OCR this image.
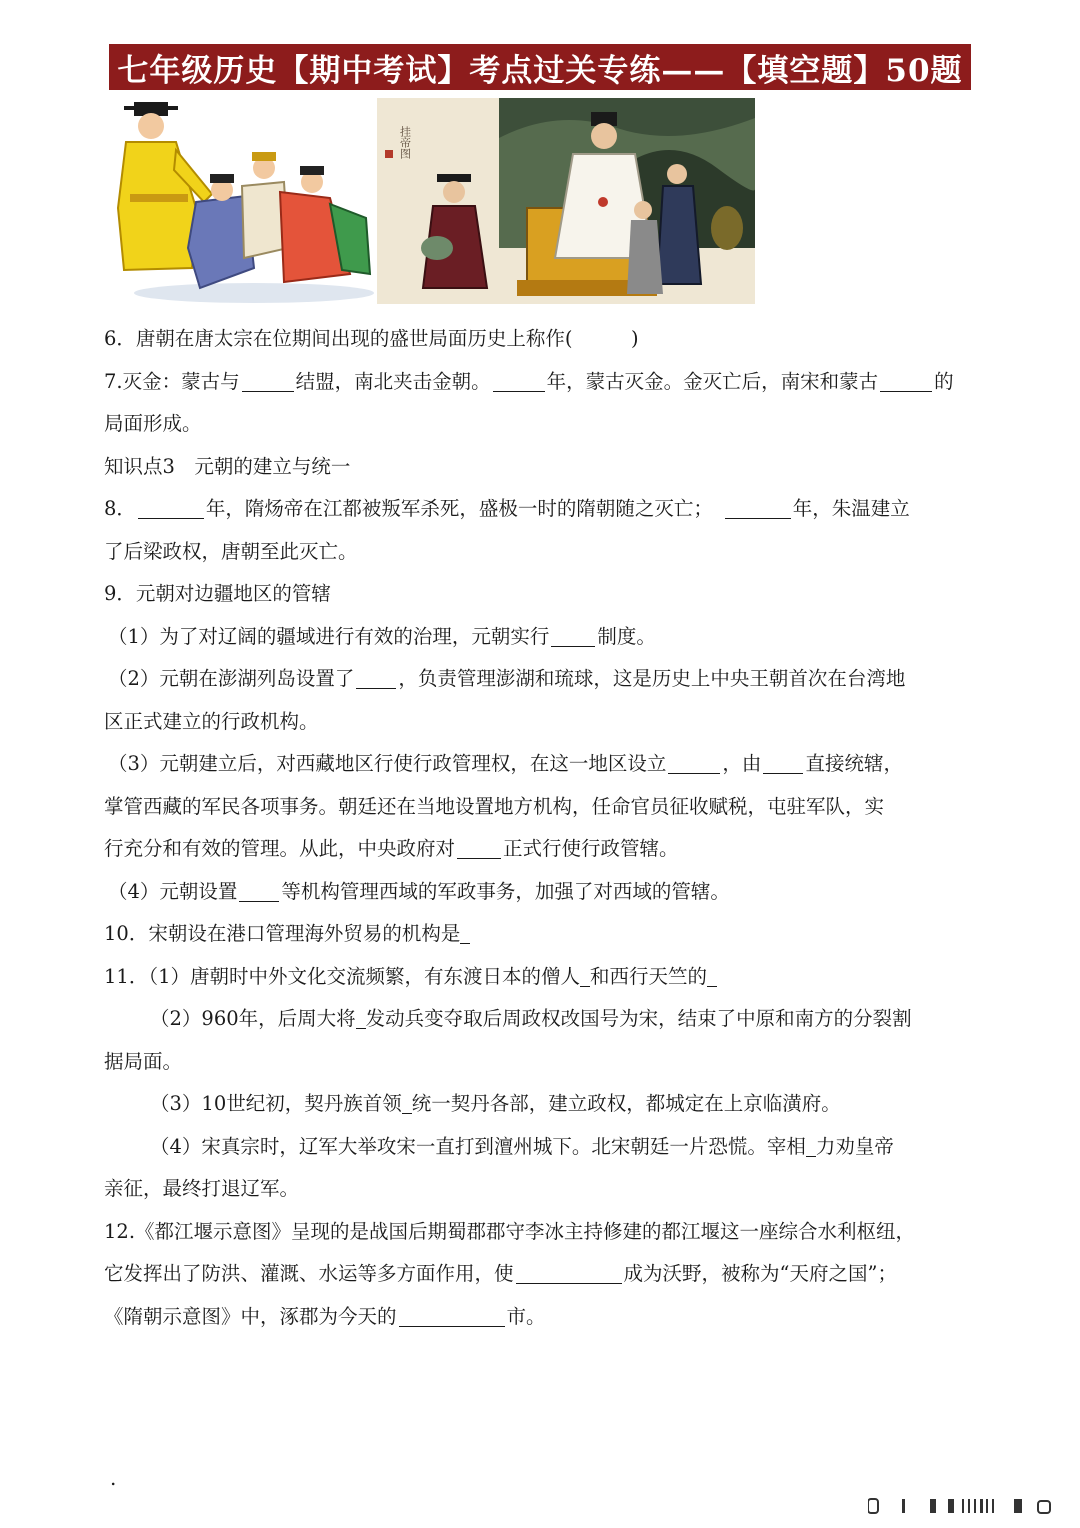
七年级历史【期中考试】考点过关专练——【填空题】50题
挂帝图
6．唐朝在唐太宗在位期间出现的盛世局面历史上称作(　　　)
7.灭金：蒙古与	结盟，南北夹击金朝。	年，蒙古灭金。金灭亡后，南宋和蒙古	的
局面形成。
知识点3　元朝的建立与统一
8．	年，隋炀帝在江都被叛军杀死，盛极一时的隋朝随之灭亡；　	年，朱温建立
了后梁政权，唐朝至此灭亡。
9．元朝对边疆地区的管辖
（1）为了对辽阔的疆域进行有效的治理，元朝实行 制度。
（2）元朝在澎湖列岛设置了 ，负责管理澎湖和琉球，这是历史上中央王朝首次在台湾地
区正式建立的行政机构。
（3）元朝建立后，对西藏地区行使行政管理权，在这一地区设立	，由 直接统辖，
掌管西藏的军民各项事务。朝廷还在当地设置地方机构，任命官员征收赋税，屯驻军队，实
行充分和有效的管理。从此，中央政府对 正式行使行政管辖。
（4）元朝设置 等机构管理西域的军政事务，加强了对西域的管辖。
10．宋朝设在港口管理海外贸易的机构是
11．（1）唐朝时中外文化交流频繁，有东渡日本的僧人 和西行天竺的
（2）960年，后周大将 发动兵变夺取后周政权改国号为宋，结束了中原和南方的分裂割
据局面。
（3）10世纪初，契丹族首领 统一契丹各部，建立政权，都城定在上京临潢府。
（4）宋真宗时，辽军大举攻宋一直打到澶州城下。北宋朝廷一片恐慌。宰相 力劝皇帝
亲征，最终打退辽军。
12.《都江堰示意图》呈现的是战国后期蜀郡郡守李冰主持修建的都江堰这一座综合水利枢纽，
它发挥出了防洪、灌溉、水运等多方面作用，使	成为沃野，被称为“天府之国”；
《隋朝示意图》中，涿郡为今天的	市。
.
